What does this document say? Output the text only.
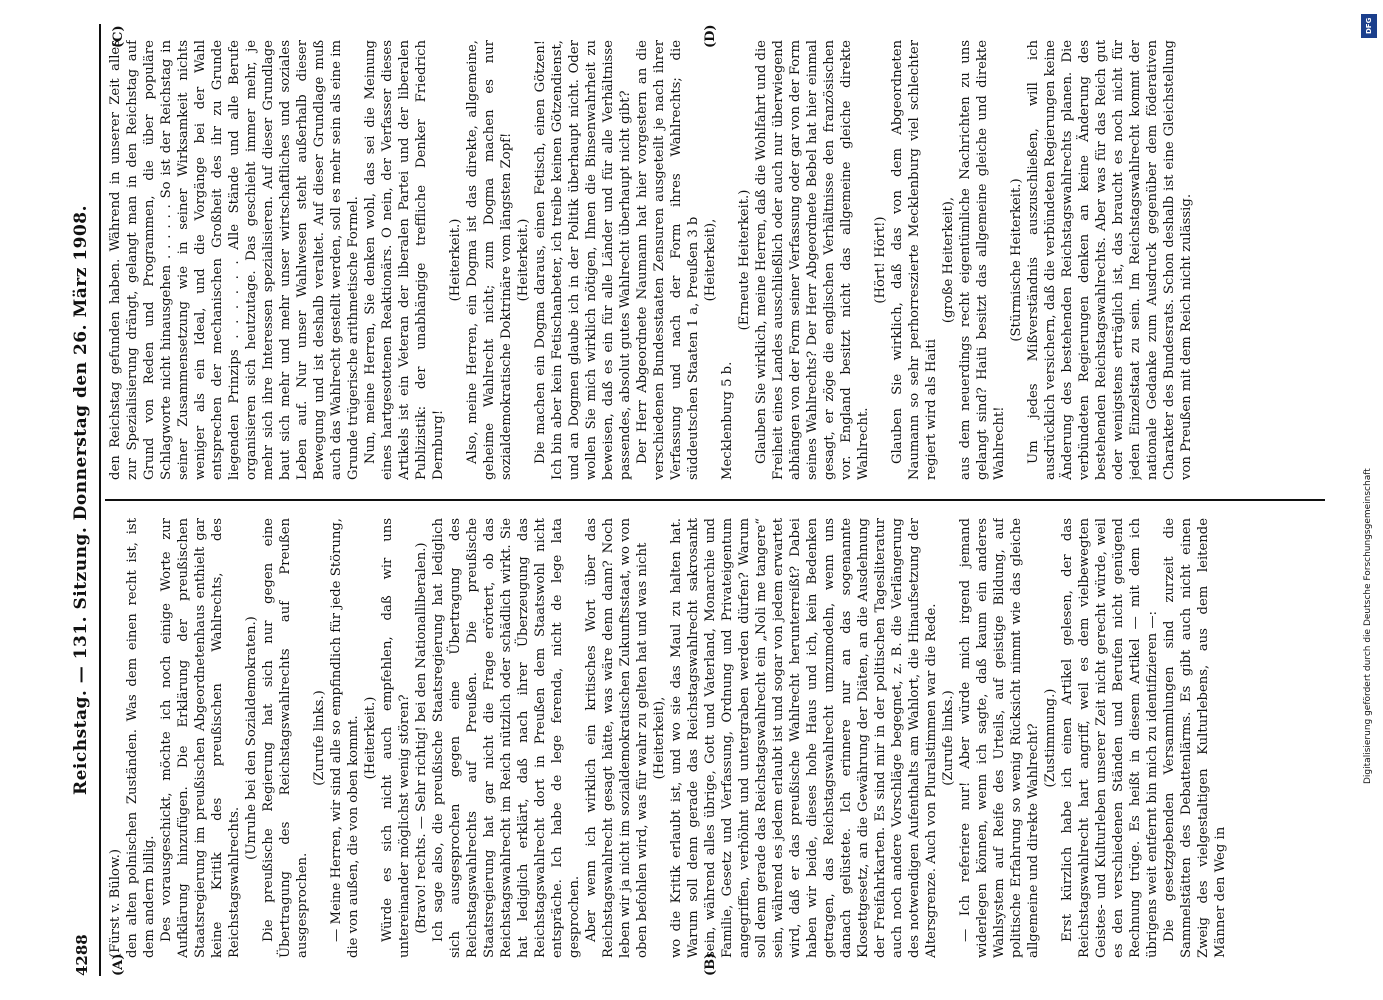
4288
Reichstag. — 131. Sitzung. Donnerstag den 26. März 1908.
(A)	(B)
(C)	(D)

(Fürst v. Bülow.) den alten polnischen Zuständen. Was dem einen recht ist, ist dem andern billig. Des vorausgeschickt, möchte ich noch einige Worte zur Aufklärung hinzufügen. Die Erklärung der preußischen Staatsregierung im preußischen Abgeordnetenhaus enthielt gar keine Kritik des preußischen Wahlrechts, des Reichstagswahlrechts.

(Unruhe bei den Sozialdemokraten.) Die preußische Regierung hat sich nur gegen eine Übertragung des Reichstagswahlrechts auf Preußen ausgesprochen.

(Zurufe links.) — Meine Herren, wir sind alle so empfindlich für jede Störung, die von außen, die von oben kommt. (Heiterkeit.) Würde es sich nicht auch empfehlen, daß wir uns untereinander möglichst wenig stören? (Bravo! rechts. — Sehr richtig! bei den Nationalliberalen.) Ich sage also, die preußische Staatsregierung hat lediglich sich ausgesprochen gegen eine Übertragung des Reichstagswahlrechts auf Preußen. Die preußische Staatsregierung hat gar nicht die Frage erörtert, ob das Reichstagswahlrecht im Reich nützlich oder schädlich wirkt. Sie hat lediglich erklärt, daß nach ihrer Überzeugung das Reichstagswahlrecht dort in Preußen dem Staatswohl nicht entspräche. Ich habe de lege ferenda, nicht de lege lata gesprochen. Aber wenn ich wirklich ein kritisches Wort über das Reichstagswahlrecht gesagt hätte, was wäre denn dann? Noch leben wir ja nicht im sozialdemokratischen Zukunftsstaat, wo von oben befohlen wird, was für wahr zu gelten hat und was nicht (Heiterkeit), wo die Kritik erlaubt ist, und wo sie das Maul zu halten hat. Warum soll denn gerade das Reichstagswahlrecht sakrosankt sein, während alles übrige, Gott und Vaterland, Monarchie und Familie, Gesetz und Verfassung, Ordnung und Privateigentum angegriffen, verhöhnt und untergraben werden dürfen? Warum soll denn gerade das Reichstagswahlrecht ein „Noli me tangere“ sein, während es jedem erlaubt ist und sogar von jedem erwartet wird, daß er das preußische Wahlrecht herunterreißt? Dabei haben wir beide, dieses hohe Haus und ich, kein Bedenken getragen, das Reichstagswahlrecht umzumodeln, wenn uns danach gelüstete. Ich erinnere nur an das sogenannte Klosettgesetz, an die Gewährung der Diäten, an die Ausdehnung der Freifahrkarten. Es sind mir in der politischen Tagesliteratur auch noch andere Vorschläge begegnet, z. B. die Verlängerung des notwendigen Aufenthalts am Wahlort, die Hinaufsetzung der Altersgrenze. Auch von Pluralstimmen war die Rede. (Zurufe links.) — Ich referiere nur! Aber würde mich irgend jemand widerlegen können, wenn ich sagte, daß kaum ein anderes Wahlsystem auf Reife des Urteils, auf geistige Bildung, auf politische Erfahrung so wenig Rücksicht nimmt wie das gleiche allgemeine und direkte Wahlrecht? (Zustimmung.) Erst kürzlich habe ich einen Artikel gelesen, der das Reichstagswahlrecht hart angriff, weil es dem vielbewegten Geistes- und Kulturleben unserer Zeit nicht gerecht würde, weil es den verschiedenen Ständen und Berufen nicht genügend Rechnung trüge. Es heißt in diesem Artikel — mit dem ich übrigens weit entfernt bin mich zu identifizieren —: Die gesetzgebenden Versammlungen sind zurzeit die Sammelstätten des Debattenlärms. Es gibt auch nicht einen Zweig des vielgestaltigen Kulturlebens, aus dem leitende Männer den Weg in

den Reichstag gefunden haben. Während in unserer Zeit alles zur Spezialisierung drängt, gelangt man in den Reichstag auf Grund von Reden und Programmen, die über populäre Schlagworte nicht hinausgehen . . . . . . So ist der Reichstag in seiner Zusammensetzung wie in seiner Wirksamkeit nichts weniger als ein Ideal, und die Vorgänge bei der Wahl entsprechen der mechanischen Großheit des ihr zu Grunde liegenden Prinzips . . . . . . Alle Stände und alle Berufe organisieren sich heutzutage. Das geschieht immer mehr, je mehr sich ihre Interessen spezialisieren. Auf dieser Grundlage baut sich mehr und mehr unser wirtschaftliches und soziales Leben auf. Nur unser Wahlwesen steht außerhalb dieser Bewegung und ist deshalb veraltet. Auf dieser Grundlage muß auch das Wahlrecht gestellt werden, soll es mehr sein als eine im Grunde trügerische arithmetische Formel. Nun, meine Herren, Sie denken wohl, das sei die Meinung eines hartgesottenen Reaktionärs. O nein, der Verfasser dieses Artikels ist ein Veteran der liberalen Partei und der liberalen Publizistik: der unabhängige treffliche Denker Friedrich Dernburg!

(Heiterkeit.) Also, meine Herren, ein Dogma ist das direkte, allgemeine, geheime Wahlrecht nicht; zum Dogma machen es nur sozialdemokratische Doktrinäre vom längsten Zopf! (Heiterkeit.) Die machen ein Dogma daraus, einen Fetisch, einen Götzen! Ich bin aber kein Fetischanbeter, ich treibe keinen Götzendienst, und an Dogmen glaube ich in der Politik überhaupt nicht. Oder wollen Sie mich wirklich nötigen, Ihnen die Binsenwahrheit zu beweisen, daß es ein für alle Länder und für alle Verhältnisse passendes, absolut gutes Wahlrecht überhaupt nicht gibt? Der Herr Abgeordnete Naumann hat hier vorgestern an die verschiedenen Bundesstaaten Zensuren ausgeteilt je nach ihrer Verfassung und nach der Form ihres Wahlrechts; die süddeutschen Staaten 1 a, Preußen 3 b (Heiterkeit),

Mecklenburg 5 b.

(Erneute Heiterkeit.) Glauben Sie wirklich, meine Herren, daß die Wohlfahrt und die Freiheit eines Landes ausschließlich oder auch nur überwiegend abhängen von der Form seiner Verfassung oder gar von der Form seines Wahlrechts? Der Herr Abgeordnete Bebel hat hier einmal gesagt, er zöge die englischen Verhältnisse den französischen vor. England besitzt nicht das allgemeine gleiche direkte Wahlrecht.

(Hört! Hört!) Glauben Sie wirklich, daß das von dem Abgeordneten Naumann so sehr perhorreszierte Mecklenburg viel schlechter regiert wird als Haiti

(große Heiterkeit), aus dem neuerdings recht eigentümliche Nachrichten zu uns gelangt sind? Haiti besitzt das allgemeine gleiche und direkte Wahlrecht!

(Stürmische Heiterkeit.) Um jedes Mißverständnis auszuschließen, will ich ausdrücklich versichern, daß die verbündeten Regierungen keine Änderung des bestehenden Reichstagswahlrechts planen. Die verbündeten Regierungen denken an keine Änderung des bestehenden Reichstagswahlrechts. Aber was für das Reich gut oder wenigstens erträglich ist, das braucht es noch nicht für jeden Einzelstaat zu sein. Im Reichstagswahlrecht kommt der nationale Gedanke zum Ausdruck gegenüber dem föderativen Charakter des Bundesrats. Schon deshalb ist eine Gleichstellung von Preußen mit dem Reich nicht zulässig.

DFG
Digitalisierung gefördert durch die Deutsche Forschungsgemeinschaft
